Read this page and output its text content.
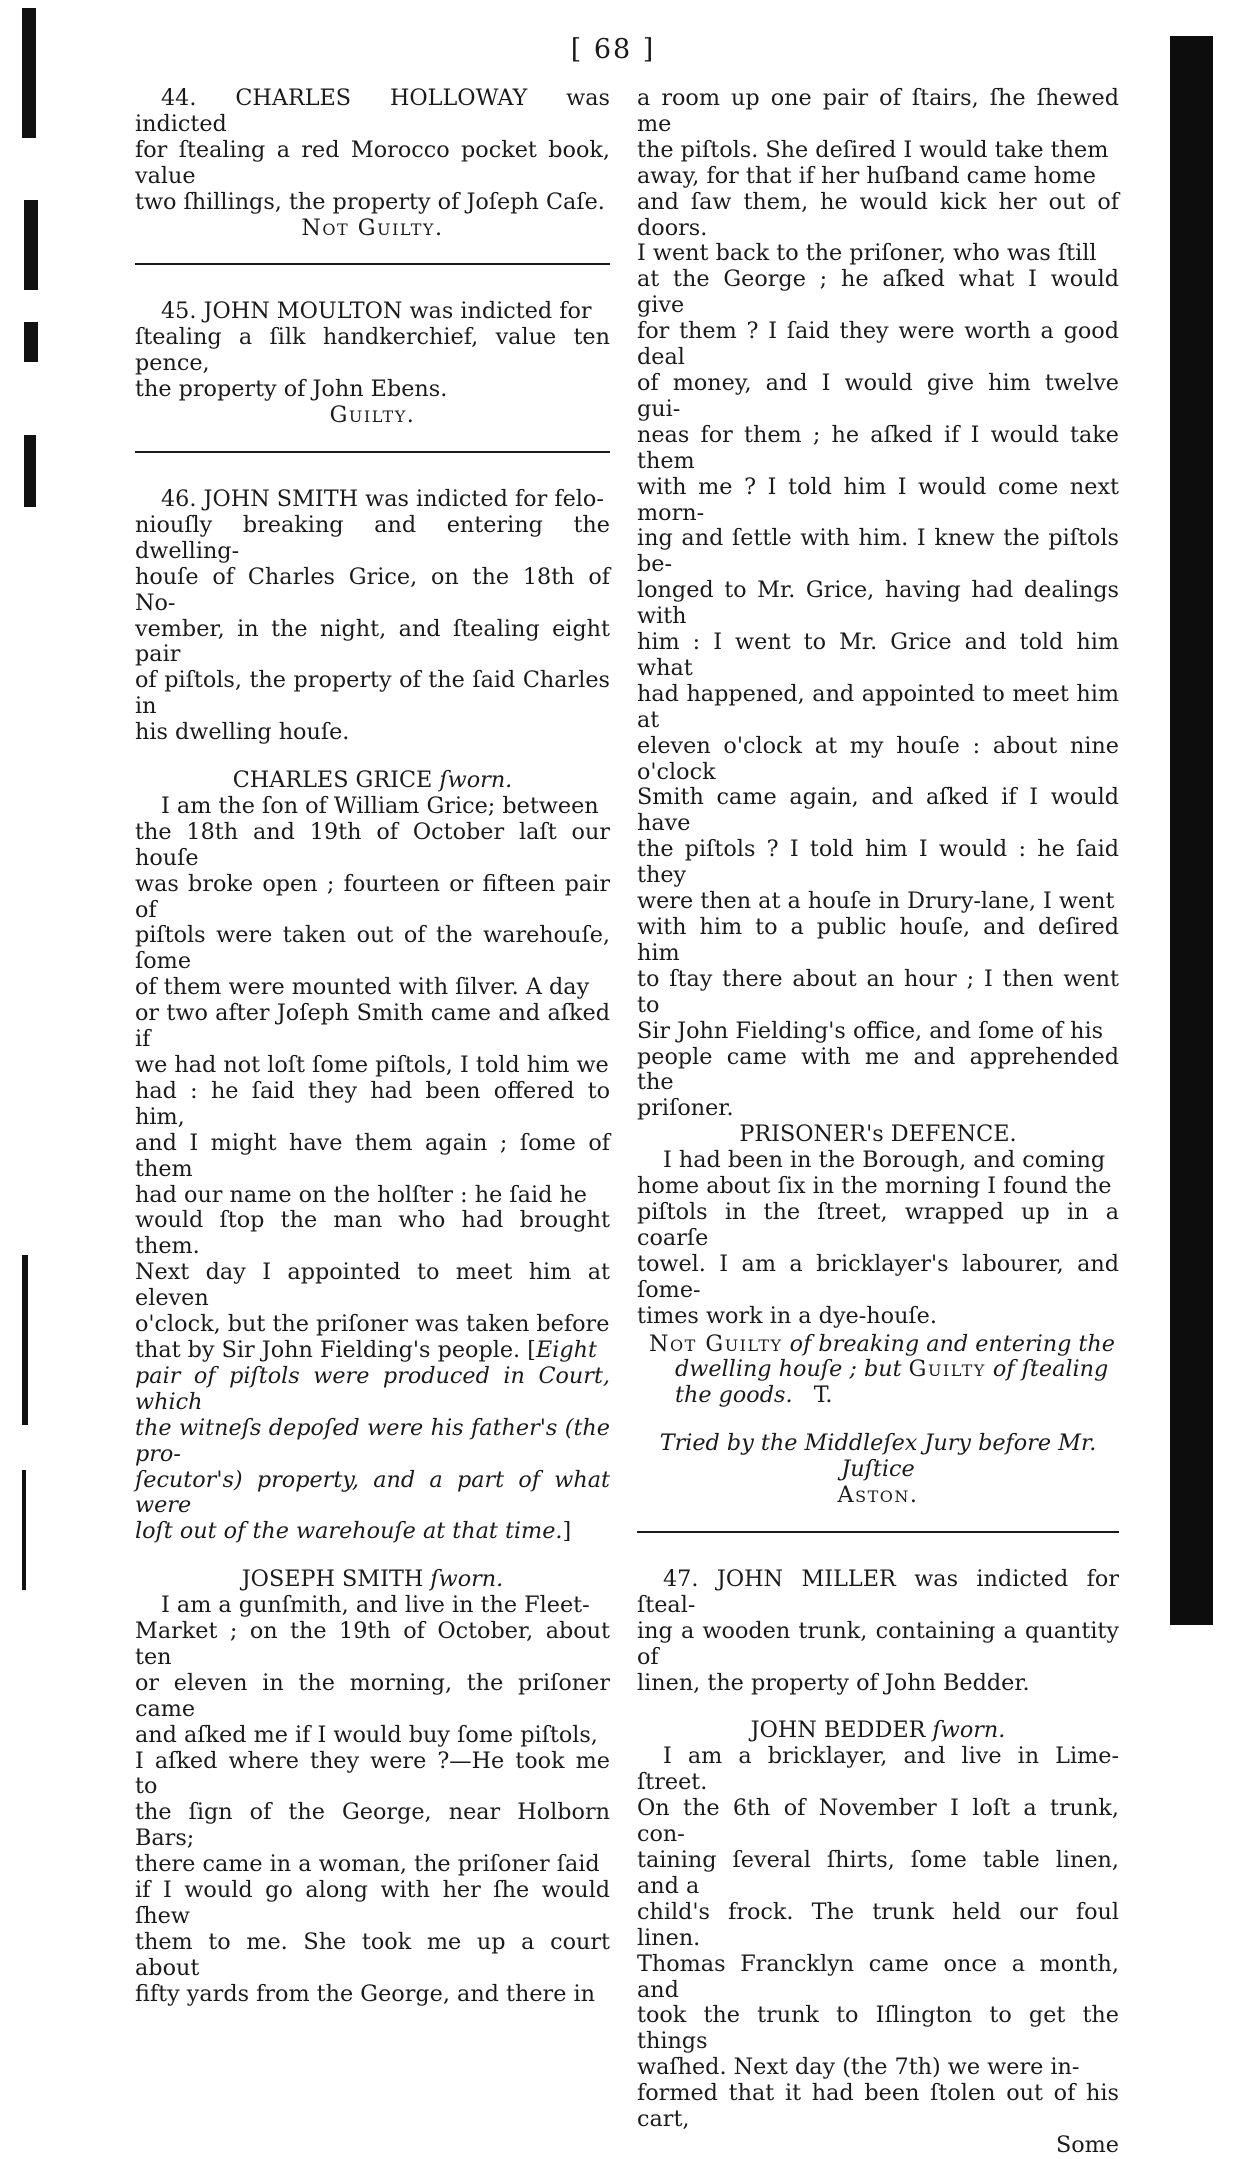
[ 68 ]

44. CHARLES HOLLOWAY was indicted

for ſtealing a red Morocco pocket book, value

two ſhillings, the property of Joſeph Caſe.

Not Guilty.

45. JOHN MOULTON was indicted for

ſtealing a ſilk handkerchief, value ten pence,

the property of John Ebens.

Guilty.

46. JOHN SMITH was indicted for felo-

niouſly breaking and entering the dwelling-

houſe of Charles Grice, on the 18th of No-

vember, in the night, and ſtealing eight pair

of piſtols, the property of the ſaid Charles in

his dwelling houſe.

CHARLES GRICE ſworn.

I am the ſon of William Grice; between

the 18th and 19th of October laſt our houſe

was broke open ; fourteen or fifteen pair of

piſtols were taken out of the warehouſe, ſome

of them were mounted with ſilver. A day

or two after Joſeph Smith came and aſked if

we had not loſt ſome piſtols, I told him we

had : he ſaid they had been offered to him,

and I might have them again ; ſome of them

had our name on the holſter : he ſaid he

would ſtop the man who had brought them.

Next day I appointed to meet him at eleven

o'clock, but the priſoner was taken before

that by Sir John Fielding's people. [Eight

pair of piſtols were produced in Court, which

the witneſs depoſed were his father's (the pro-

ſecutor's) property, and a part of what were

loſt out of the warehouſe at that time.]

JOSEPH SMITH ſworn.

I am a gunſmith, and live in the Fleet-

Market ; on the 19th of October, about ten

or eleven in the morning, the priſoner came

and aſked me if I would buy ſome piſtols,

I aſked where they were ?—He took me to

the ſign of the George, near Holborn Bars;

there came in a woman, the priſoner ſaid

if I would go along with her ſhe would ſhew

them to me. She took me up a court about

fifty yards from the George, and there in

a room up one pair of ſtairs, ſhe ſhewed me

the piſtols. She deſired I would take them

away, for that if her huſband came home

and ſaw them, he would kick her out of doors.

I went back to the priſoner, who was ſtill

at the George ; he aſked what I would give

for them ? I ſaid they were worth a good deal

of money, and I would give him twelve gui-

neas for them ; he aſked if I would take them

with me ? I told him I would come next morn-

ing and ſettle with him. I knew the piſtols be-

longed to Mr. Grice, having had dealings with

him : I went to Mr. Grice and told him what

had happened, and appointed to meet him at

eleven o'clock at my houſe : about nine o'clock

Smith came again, and aſked if I would have

the piſtols ? I told him I would : he ſaid they

were then at a houſe in Drury-lane, I went

with him to a public houſe, and deſired him

to ſtay there about an hour ; I then went to

Sir John Fielding's office, and ſome of his

people came with me and apprehended the

priſoner.

PRISONER's DEFENCE.

I had been in the Borough, and coming

home about ſix in the morning I found the

piſtols in the ſtreet, wrapped up in a coarſe

towel. I am a bricklayer's labourer, and ſome-

times work in a dye-houſe.

Not Guilty of breaking and entering the

dwelling houſe ; but Guilty of ſtealing

the goods. T.

Tried by the Middleſex Jury before Mr. Juſtice

Aston.

47. JOHN MILLER was indicted for ſteal-

ing a wooden trunk, containing a quantity of

linen, the property of John Bedder.

JOHN BEDDER ſworn.

I am a bricklayer, and live in Lime-ſtreet.

On the 6th of November I loſt a trunk, con-

taining ſeveral ſhirts, ſome table linen, and a

child's frock. The trunk held our foul linen.

Thomas Francklyn came once a month, and

took the trunk to Iſlington to get the things

waſhed. Next day (the 7th) we were in-

formed that it had been ſtolen out of his cart,

Some
